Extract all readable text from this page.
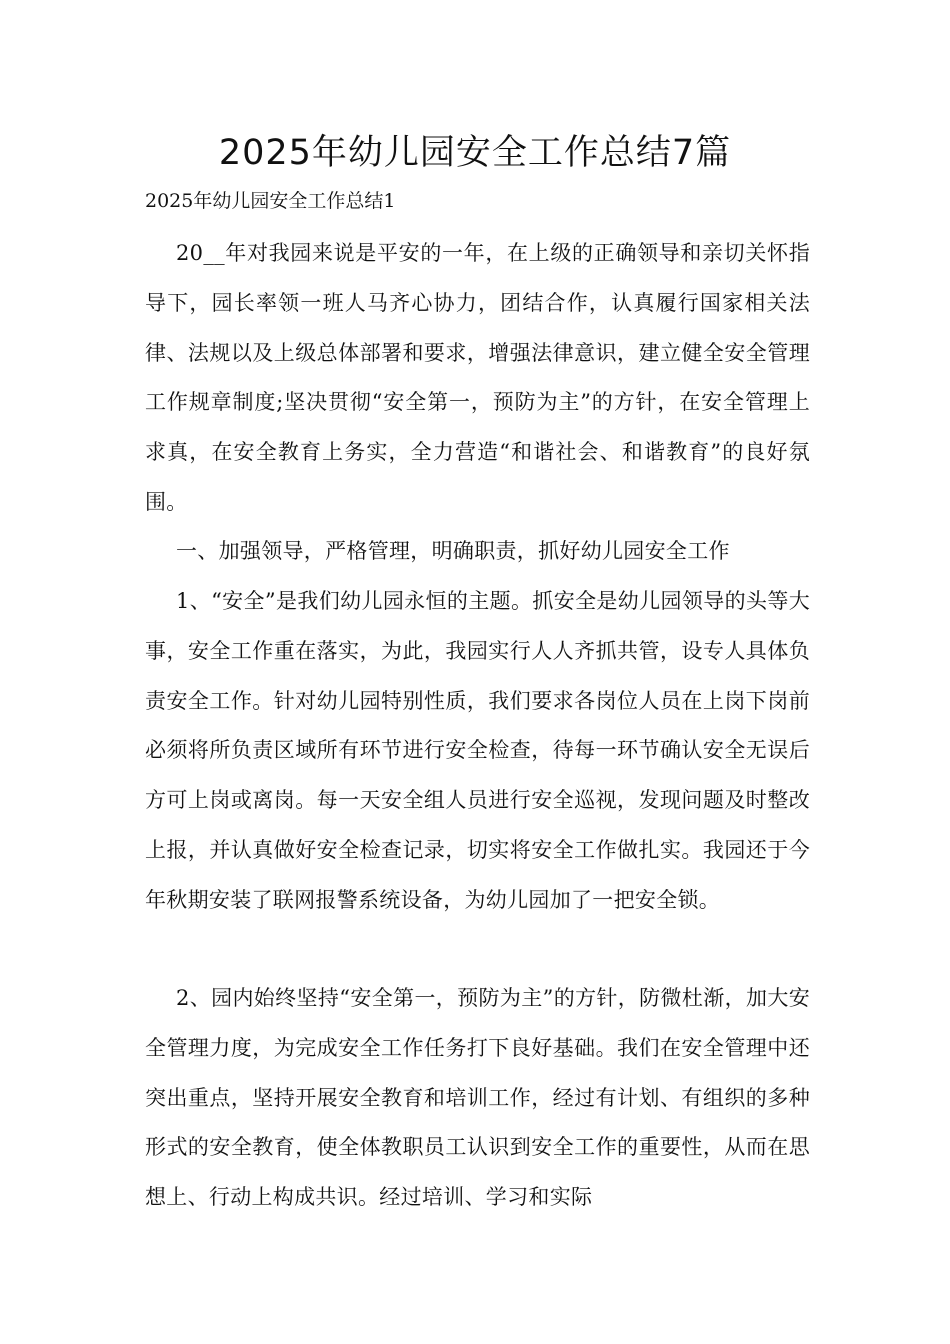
2025年幼儿园安全工作总结7篇

2025年幼儿园安全工作总结1

20__年对我园来说是平安的一年，在上级的正确领导和亲切关怀指导下，园长率领一班人马齐心协力，团结合作，认真履行国家相关法律、法规以及上级总体部署和要求，增强法律意识，建立健全安全管理工作规章制度;坚决贯彻“安全第一，预防为主”的方针，在安全管理上求真，在安全教育上务实，全力营造“和谐社会、和谐教育”的良好氛围。

一、加强领导，严格管理，明确职责，抓好幼儿园安全工作

1、“安全”是我们幼儿园永恒的主题。抓安全是幼儿园领导的头等大事，安全工作重在落实，为此，我园实行人人齐抓共管，设专人具体负责安全工作。针对幼儿园特别性质，我们要求各岗位人员在上岗下岗前必须将所负责区域所有环节进行安全检查，待每一环节确认安全无误后方可上岗或离岗。每一天安全组人员进行安全巡视，发现问题及时整改上报，并认真做好安全检查记录，切实将安全工作做扎实。我园还于今年秋期安装了联网报警系统设备，为幼儿园加了一把安全锁。

2、园内始终坚持“安全第一，预防为主”的方针，防微杜渐，加大安全管理力度，为完成安全工作任务打下良好基础。我们在安全管理中还突出重点，坚持开展安全教育和培训工作，经过有计划、有组织的多种形式的安全教育，使全体教职员工认识到安全工作的重要性，从而在思想上、行动上构成共识。经过培训、学习和实际
